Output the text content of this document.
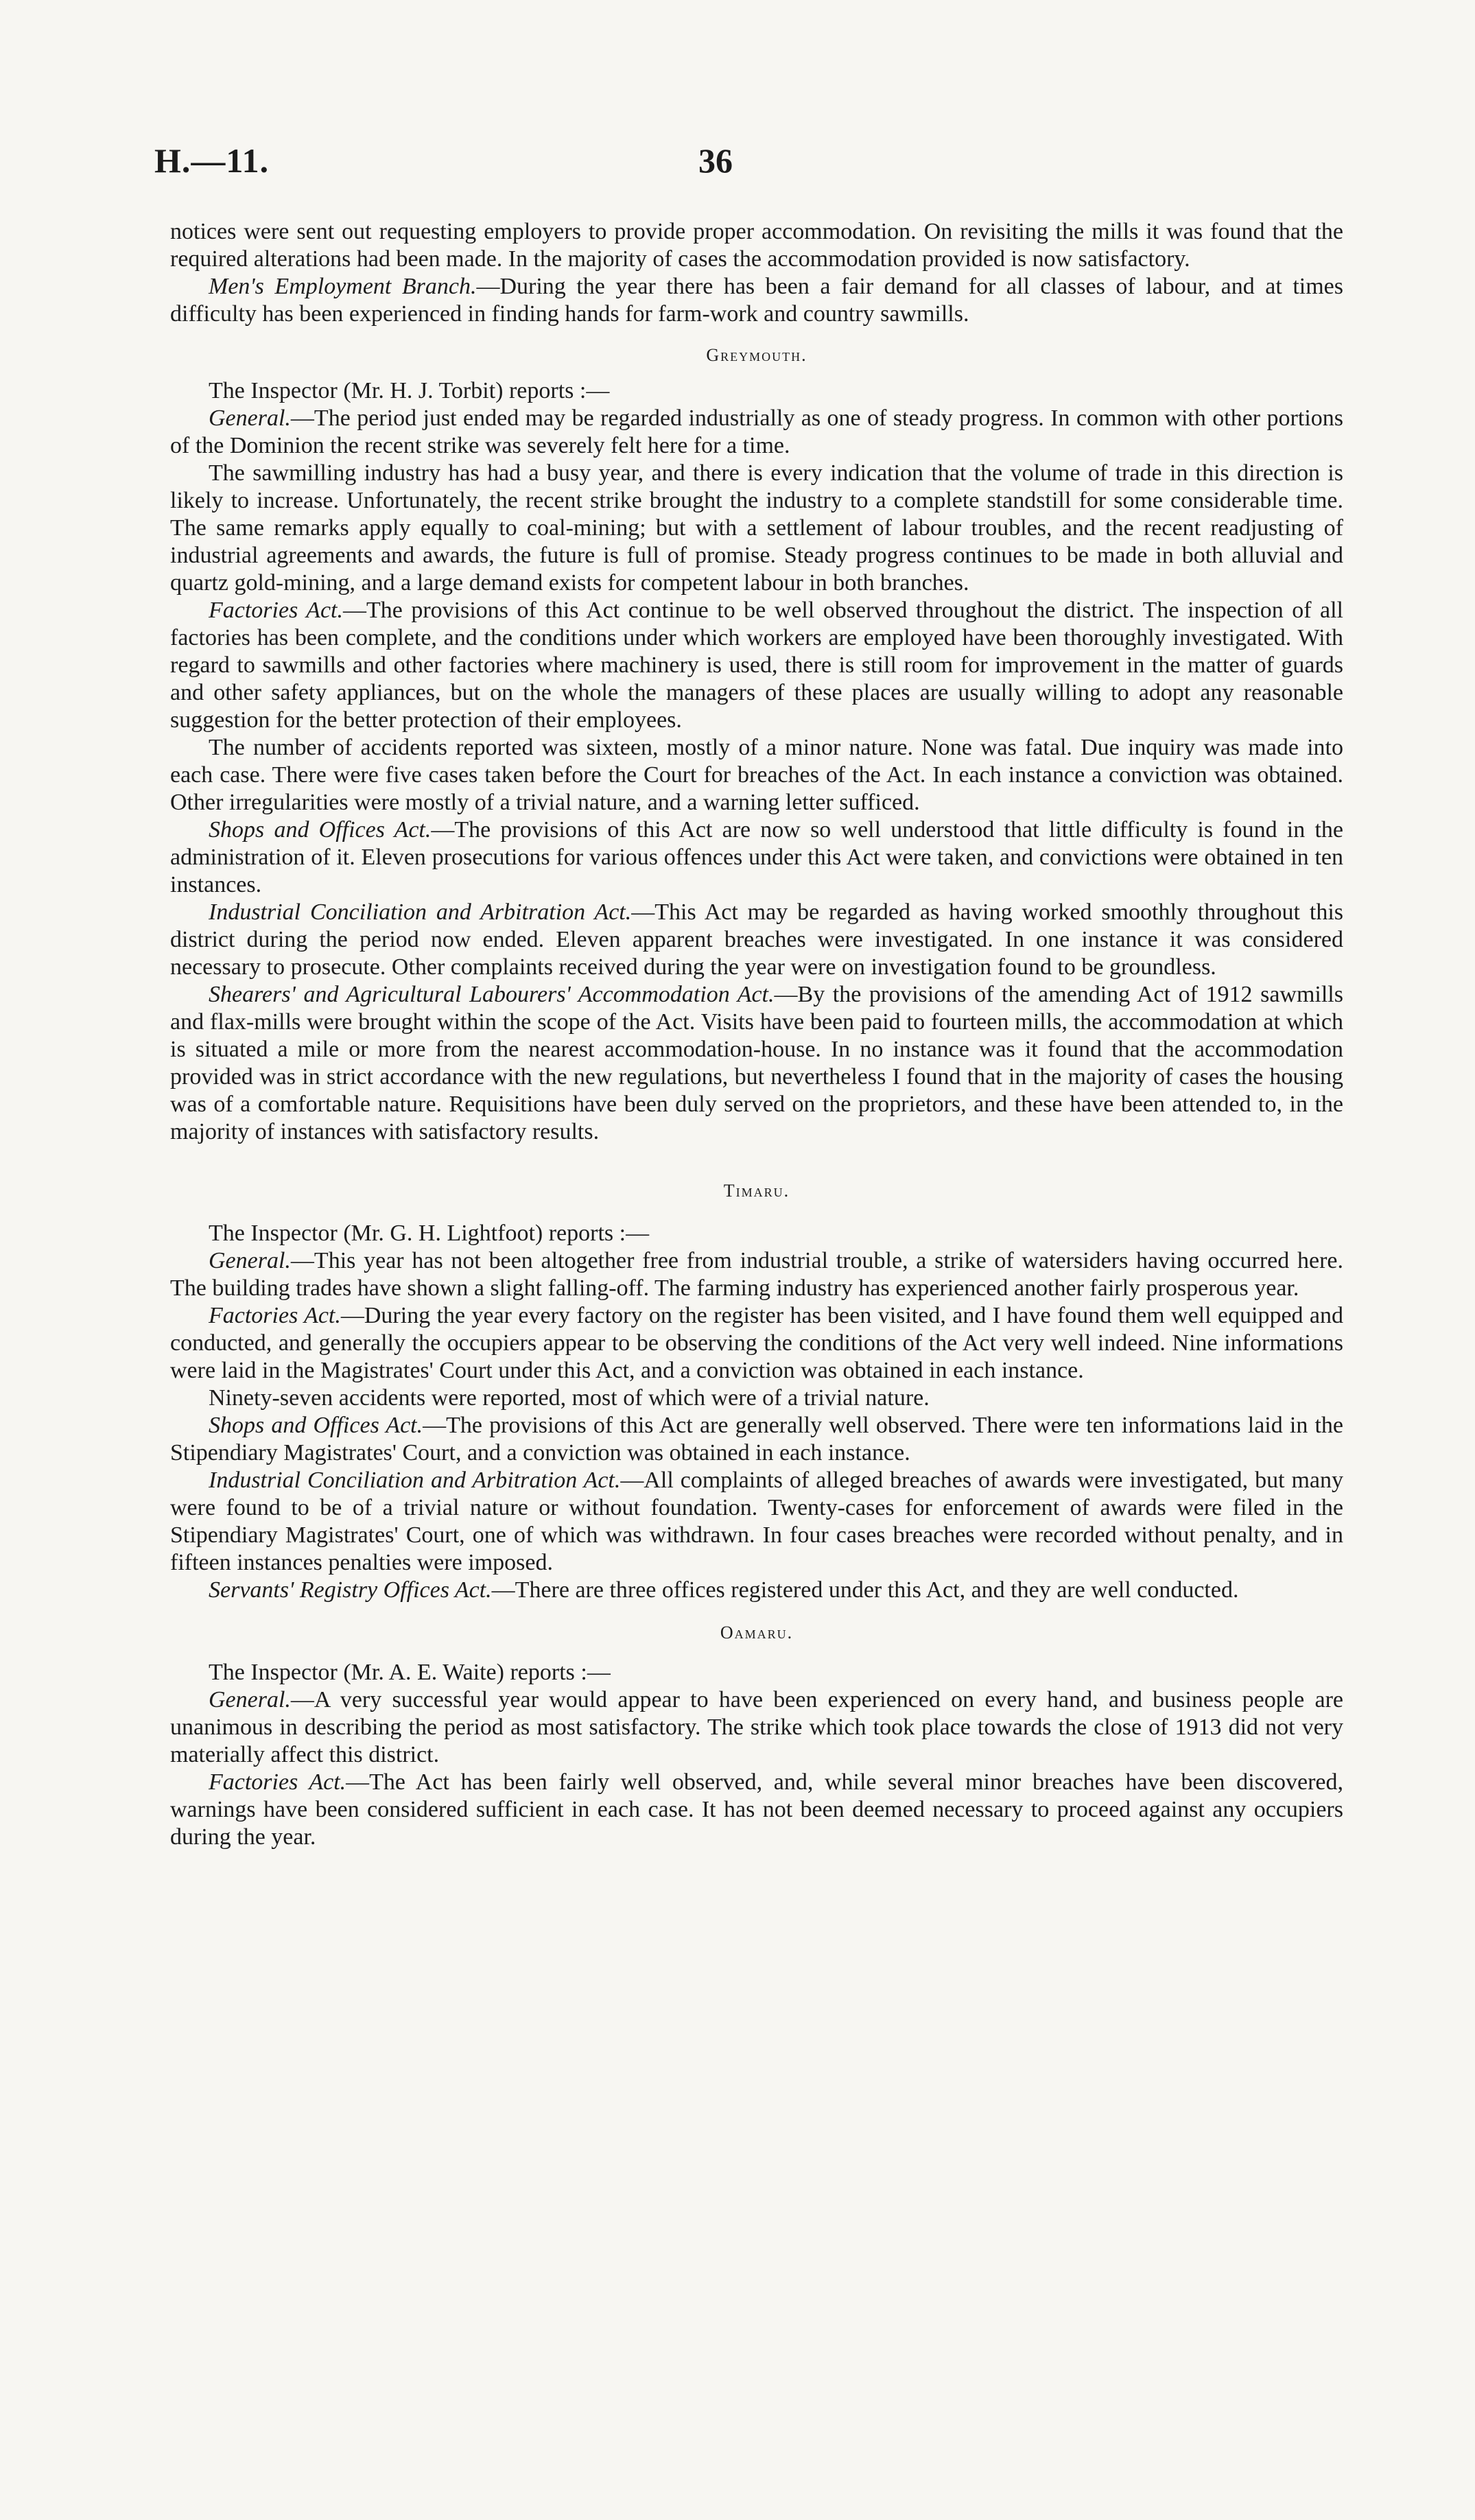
H.—11.	36

notices were sent out requesting employers to provide proper accommodation. On revisiting the mills it was found that the required alterations had been made. In the majority of cases the accommodation provided is now satisfactory.

Men's Employment Branch.—During the year there has been a fair demand for all classes of labour, and at times difficulty has been experienced in finding hands for farm-work and country sawmills.

Greymouth.

The Inspector (Mr. H. J. Torbit) reports :—

General.—The period just ended may be regarded industrially as one of steady progress. In common with other portions of the Dominion the recent strike was severely felt here for a time.

The sawmilling industry has had a busy year, and there is every indication that the volume of trade in this direction is likely to increase. Unfortunately, the recent strike brought the industry to a complete standstill for some considerable time. The same remarks apply equally to coal-mining; but with a settlement of labour troubles, and the recent readjusting of industrial agreements and awards, the future is full of promise. Steady progress continues to be made in both alluvial and quartz gold-mining, and a large demand exists for competent labour in both branches.

Factories Act.—The provisions of this Act continue to be well observed throughout the district. The inspection of all factories has been complete, and the conditions under which workers are employed have been thoroughly investigated. With regard to sawmills and other factories where machinery is used, there is still room for improvement in the matter of guards and other safety appliances, but on the whole the managers of these places are usually willing to adopt any reasonable suggestion for the better protection of their employees.

The number of accidents reported was sixteen, mostly of a minor nature. None was fatal. Due inquiry was made into each case. There were five cases taken before the Court for breaches of the Act. In each instance a conviction was obtained. Other irregularities were mostly of a trivial nature, and a warning letter sufficed.

Shops and Offices Act.—The provisions of this Act are now so well understood that little difficulty is found in the administration of it. Eleven prosecutions for various offences under this Act were taken, and convictions were obtained in ten instances.

Industrial Conciliation and Arbitration Act.—This Act may be regarded as having worked smoothly throughout this district during the period now ended. Eleven apparent breaches were investigated. In one instance it was considered necessary to prosecute. Other complaints received during the year were on investigation found to be groundless.

Shearers' and Agricultural Labourers' Accommodation Act.—By the provisions of the amending Act of 1912 sawmills and flax-mills were brought within the scope of the Act. Visits have been paid to fourteen mills, the accommodation at which is situated a mile or more from the nearest accommodation-house. In no instance was it found that the accommodation provided was in strict accordance with the new regulations, but nevertheless I found that in the majority of cases the housing was of a comfortable nature. Requisitions have been duly served on the proprietors, and these have been attended to, in the majority of instances with satisfactory results.

Timaru.

The Inspector (Mr. G. H. Lightfoot) reports :—

General.—This year has not been altogether free from industrial trouble, a strike of watersiders having occurred here. The building trades have shown a slight falling-off. The farming industry has experienced another fairly prosperous year.

Factories Act.—During the year every factory on the register has been visited, and I have found them well equipped and conducted, and generally the occupiers appear to be observing the conditions of the Act very well indeed. Nine informations were laid in the Magistrates' Court under this Act, and a conviction was obtained in each instance.

Ninety-seven accidents were reported, most of which were of a trivial nature.

Shops and Offices Act.—The provisions of this Act are generally well observed. There were ten informations laid in the Stipendiary Magistrates' Court, and a conviction was obtained in each instance.

Industrial Conciliation and Arbitration Act.—All complaints of alleged breaches of awards were investigated, but many were found to be of a trivial nature or without foundation. Twenty-cases for enforcement of awards were filed in the Stipendiary Magistrates' Court, one of which was withdrawn. In four cases breaches were recorded without penalty, and in fifteen instances penalties were imposed.

Servants' Registry Offices Act.—There are three offices registered under this Act, and they are well conducted.

Oamaru.

The Inspector (Mr. A. E. Waite) reports :—

General.—A very successful year would appear to have been experienced on every hand, and business people are unanimous in describing the period as most satisfactory. The strike which took place towards the close of 1913 did not very materially affect this district.

Factories Act.—The Act has been fairly well observed, and, while several minor breaches have been discovered, warnings have been considered sufficient in each case. It has not been deemed necessary to proceed against any occupiers during the year.
